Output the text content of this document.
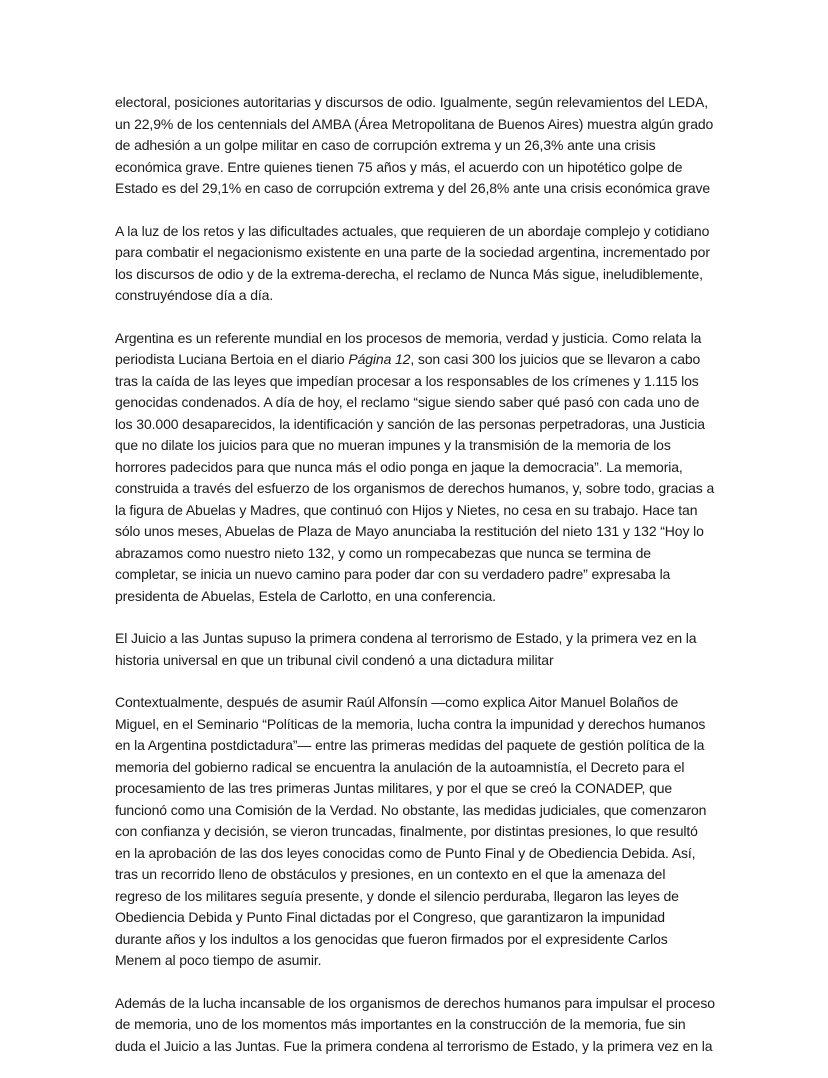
electoral, posiciones autoritarias y discursos de odio. Igualmente, según relevamientos del LEDA, un 22,9% de los centennials del AMBA (Área Metropolitana de Buenos Aires) muestra algún grado de adhesión a un golpe militar en caso de corrupción extrema y un 26,3% ante una crisis económica grave. Entre quienes tienen 75 años y más, el acuerdo con un hipotético golpe de Estado es del 29,1% en caso de corrupción extrema y del 26,8% ante una crisis económica grave

A la luz de los retos y las dificultades actuales, que requieren de un abordaje complejo y cotidiano para combatir el negacionismo existente en una parte de la sociedad argentina, incrementado por los discursos de odio y de la extrema-derecha, el reclamo de Nunca Más sigue, ineludiblemente, construyéndose día a día.

Argentina es un referente mundial en los procesos de memoria, verdad y justicia. Como relata la periodista Luciana Bertoia en el diario Página 12, son casi 300 los juicios que se llevaron a cabo tras la caída de las leyes que impedían procesar a los responsables de los crímenes y 1.115 los genocidas condenados. A día de hoy, el reclamo “sigue siendo saber qué pasó con cada uno de los 30.000 desaparecidos, la identificación y sanción de las personas perpetradoras, una Justicia que no dilate los juicios para que no mueran impunes y la transmisión de la memoria de los horrores padecidos para que nunca más el odio ponga en jaque la democracia”. La memoria, construida a través del esfuerzo de los organismos de derechos humanos, y, sobre todo, gracias a la figura de Abuelas y Madres, que continuó con Hijos y Nietes, no cesa en su trabajo. Hace tan sólo unos meses, Abuelas de Plaza de Mayo anunciaba la restitución del nieto 131 y 132 “Hoy lo abrazamos como nuestro nieto 132, y como un rompecabezas que nunca se termina de completar, se inicia un nuevo camino para poder dar con su verdadero padre” expresaba la presidenta de Abuelas, Estela de Carlotto, en una conferencia.

El Juicio a las Juntas supuso la primera condena al terrorismo de Estado, y la primera vez en la historia universal en que un tribunal civil condenó a una dictadura militar

Contextualmente, después de asumir Raúl Alfonsín —como explica Aitor Manuel Bolaños de Miguel, en el Seminario “Políticas de la memoria, lucha contra la impunidad y derechos humanos en la Argentina postdictadura”— entre las primeras medidas del paquete de gestión política de la memoria del gobierno radical se encuentra la anulación de la autoamnistía, el Decreto para el procesamiento de las tres primeras Juntas militares, y por el que se creó la CONADEP, que funcionó como una Comisión de la Verdad. No obstante, las medidas judiciales, que comenzaron con confianza y decisión, se vieron truncadas, finalmente, por distintas presiones, lo que resultó en la aprobación de las dos leyes conocidas como de Punto Final y de Obediencia Debida. Así, tras un recorrido lleno de obstáculos y presiones, en un contexto en el que la amenaza del regreso de los militares seguía presente, y donde el silencio perduraba, llegaron las leyes de Obediencia Debida y Punto Final dictadas por el Congreso, que garantizaron la impunidad durante años y los indultos a los genocidas que fueron firmados por el expresidente Carlos Menem al poco tiempo de asumir.

Además de la lucha incansable de los organismos de derechos humanos para impulsar el proceso de memoria, uno de los momentos más importantes en la construcción de la memoria, fue sin duda el Juicio a las Juntas. Fue la primera condena al terrorismo de Estado, y la primera vez en la
